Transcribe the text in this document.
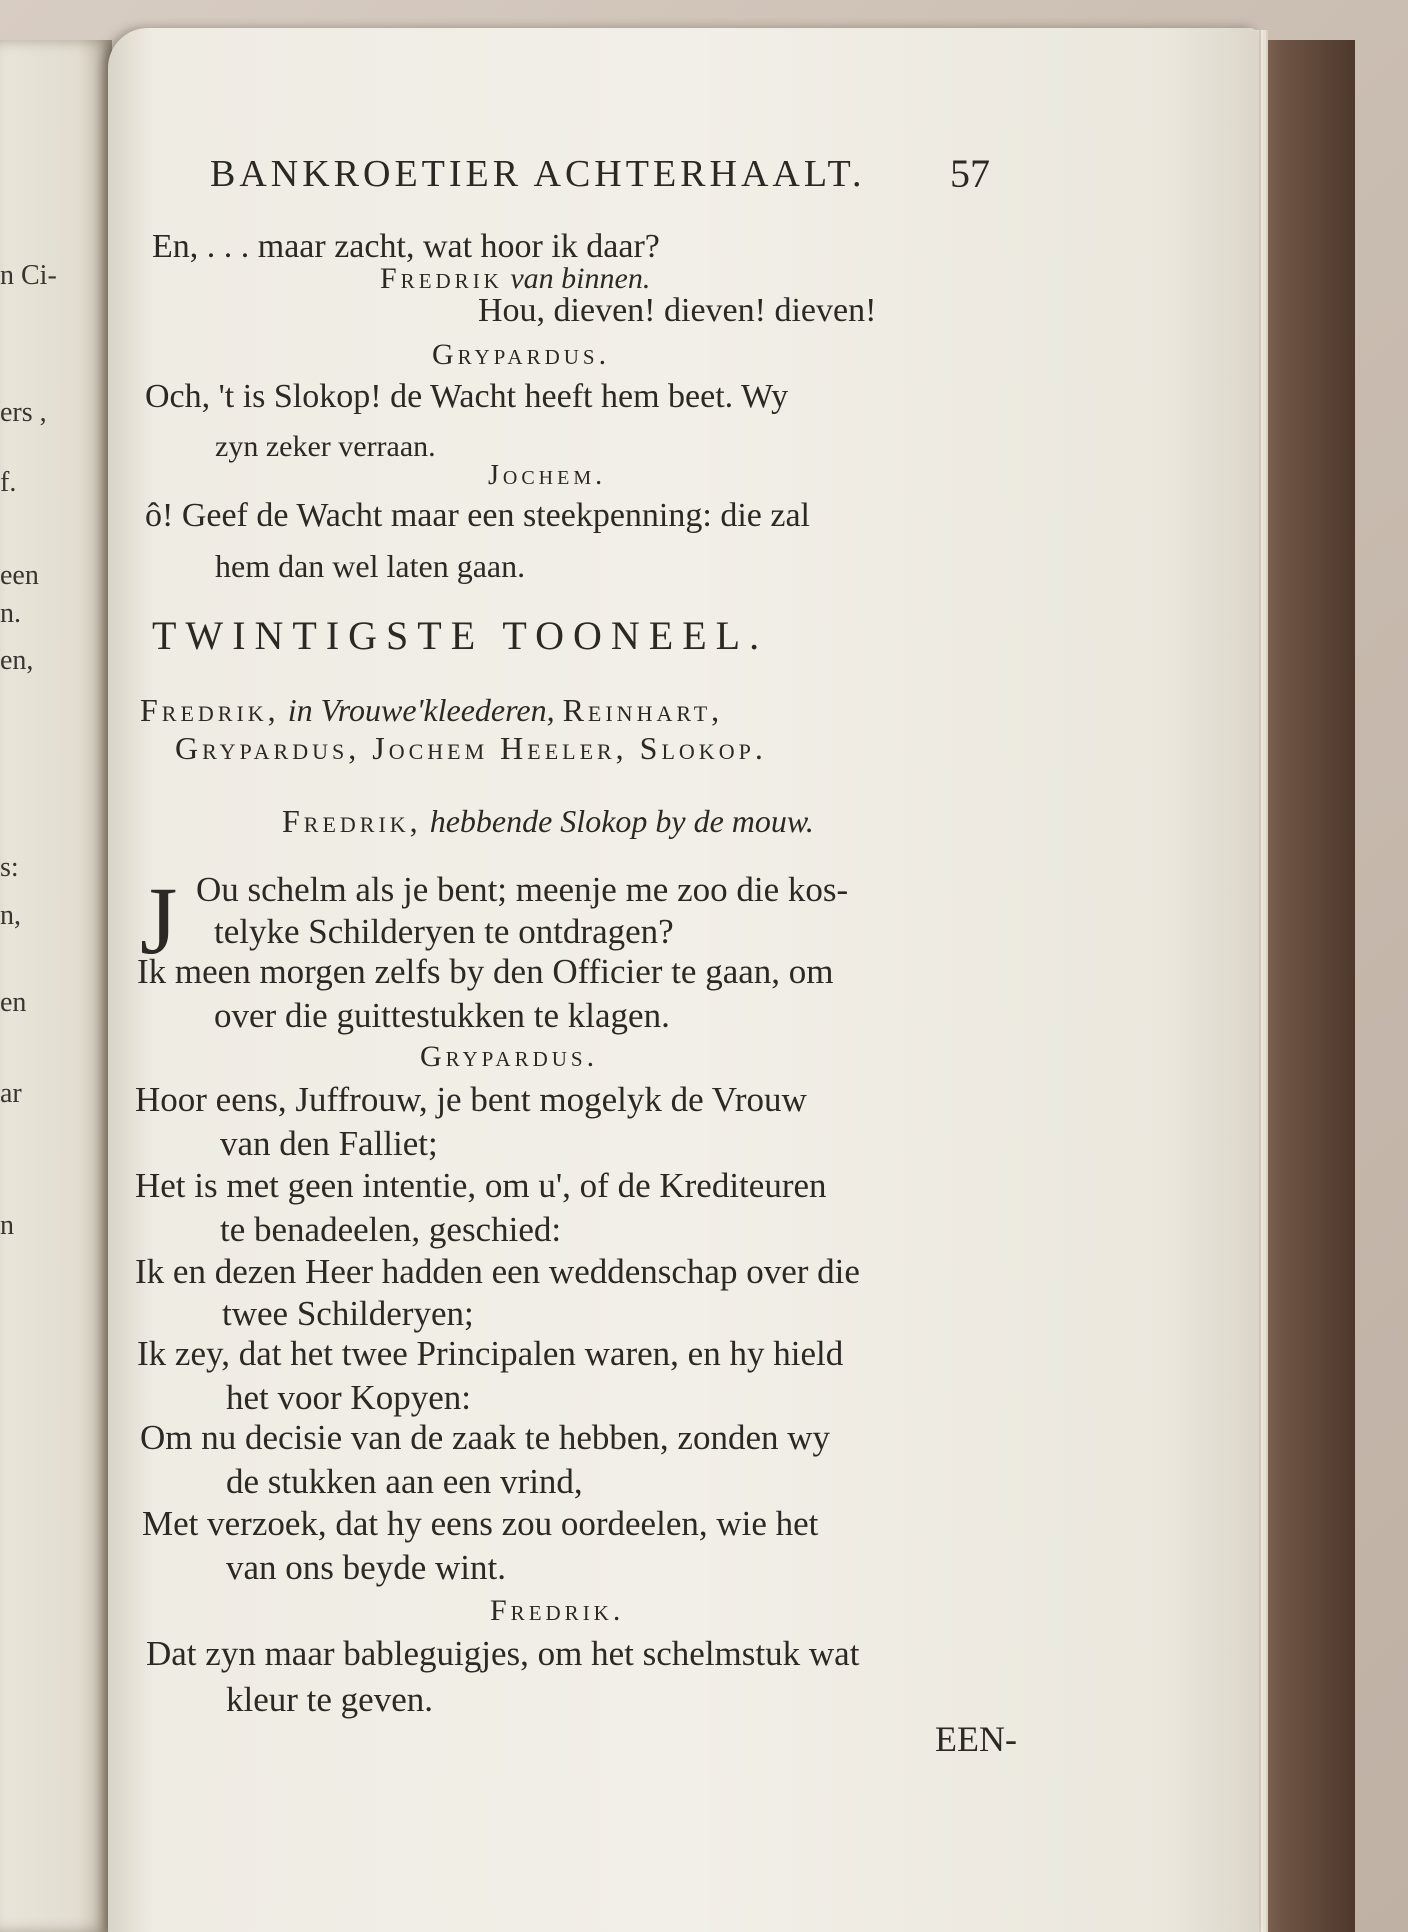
n Ci-
ers ,
f.
een
n.
en,
s:
n,
en
ar
n
BANKROETIER ACHTERHAALT. 57
En, . . . maar zacht, wat hoor ik daar?
Fredrik van binnen.
Hou, dieven! dieven! dieven!
Grypardus.
Och, 't is Slokop! de Wacht heeft hem beet. Wy
zyn zeker verraan.
Jochem.
ô! Geef de Wacht maar een steekpenning: die zal
hem dan wel laten gaan.
TWINTIGSTE TOONEEL.
Fredrik, in Vrouwe'kleederen, Reinhart,
Grypardus, Jochem Heeler, Slokop.
Fredrik, hebbende Slokop by de mouw.
J Ou schelm als je bent; meenje me zoo die kos-
telyke Schilderyen te ontdragen?
Ik meen morgen zelfs by den Officier te gaan, om
over die guittestukken te klagen.
Grypardus.
Hoor eens, Juffrouw, je bent mogelyk de Vrouw
van den Falliet;
Het is met geen intentie, om u', of de Krediteuren
te benadeelen, geschied:
Ik en dezen Heer hadden een weddenschap over die
twee Schilderyen;
Ik zey, dat het twee Principalen waren, en hy hield
het voor Kopyen:
Om nu decisie van de zaak te hebben, zonden wy
de stukken aan een vrind,
Met verzoek, dat hy eens zou oordeelen, wie het
van ons beyde wint.
Fredrik.
Dat zyn maar bableguigjes, om het schelmstuk wat
kleur te geven.
EEN-
